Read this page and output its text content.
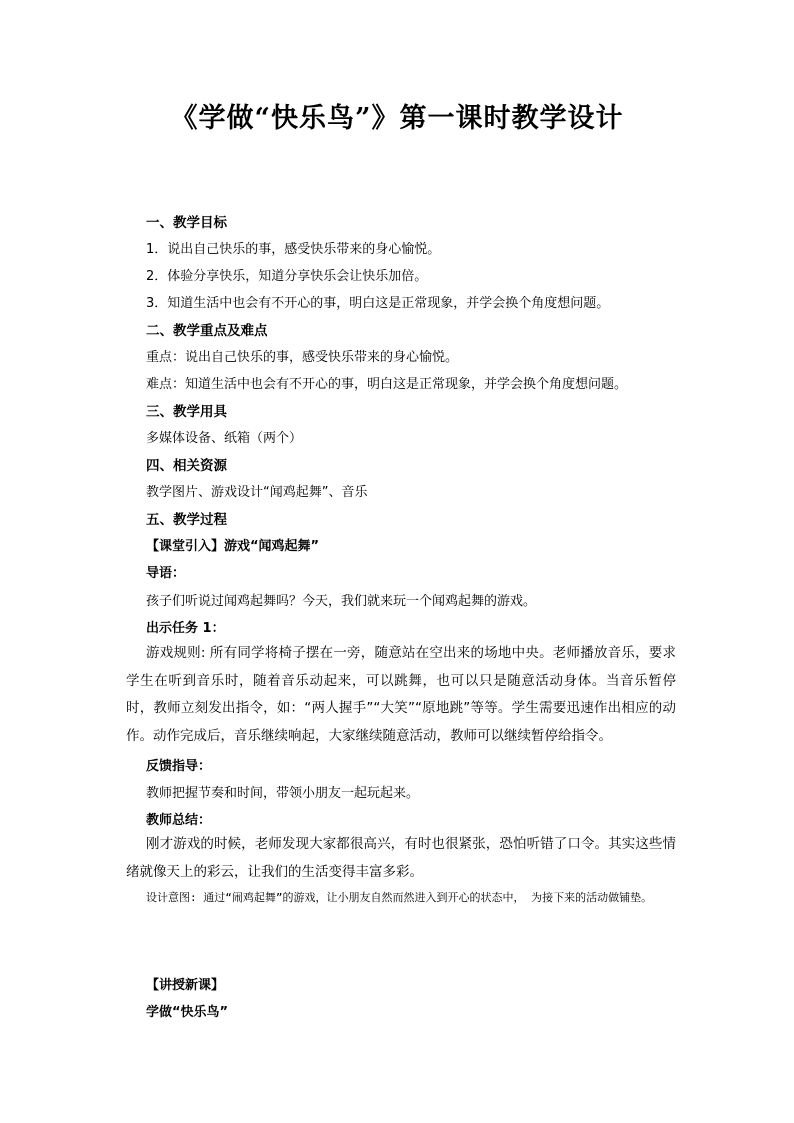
《学做“快乐鸟”》第一课时教学设计
一、教学目标
1．说出自己快乐的事，感受快乐带来的身心愉悦。
2．体验分享快乐，知道分享快乐会让快乐加倍。
3．知道生活中也会有不开心的事，明白这是正常现象，并学会换个角度想问题。
二、教学重点及难点
重点：说出自己快乐的事，感受快乐带来的身心愉悦。
难点：知道生活中也会有不开心的事，明白这是正常现象，并学会换个角度想问题。
三、教学用具
多媒体设备、纸箱（两个）
四、相关资源
教学图片、游戏设计“闻鸡起舞”、音乐
五、教学过程
【课堂引入】游戏“闻鸡起舞”
导语：
孩子们听说过闻鸡起舞吗？今天，我们就来玩一个闻鸡起舞的游戏。
出示任务 1：
游戏规则: 所有同学将椅子摆在一旁，随意站在空出来的场地中央。老师播放音乐，要求学生在听到音乐时，随着音乐动起来，可以跳舞，也可以只是随意活动身体。当音乐暂停时，教师立刻发出指令，如：“两人握手”“大笑”“原地跳”等等。学生需要迅速作出相应的动作。动作完成后，音乐继续响起，大家继续随意活动，教师可以继续暂停给指令。
反馈指导：
教师把握节奏和时间，带领小朋友一起玩起来。
教师总结：
刚才游戏的时候，老师发现大家都很高兴，有时也很紧张，恐怕听错了口令。其实这些情绪就像天上的彩云，让我们的生活变得丰富多彩。
设计意图: 通过“闹鸡起舞”的游戏，让小朋友自然而然进入到开心的状态中， 为接下来的活动做铺垫。
【讲授新课】
学做“快乐鸟”
